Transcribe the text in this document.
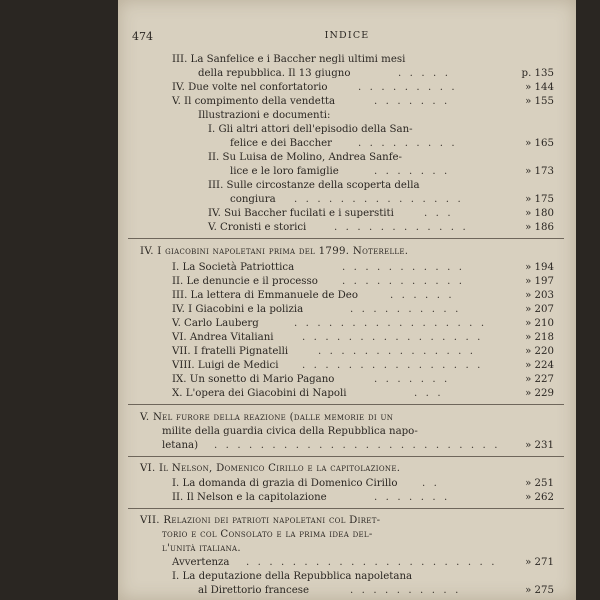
474	INDICE
III. La Sanfelice e i Baccher negli ultimi mesi
della repubblica. Il 13 giugno	. . . . .	p. 135
IV. Due volte nel confortatorio	. . . . . . . . .	» 144
V. Il compimento della vendetta	. . . . . . .	» 155
Illustrazioni e documenti:
I. Gli altri attori dell'episodio della San-
felice e dei Baccher	. . . . . . . . .	» 165
II. Su Luisa de Molino, Andrea Sanfe-
lice e le loro famiglie	. . . . . . .	» 173
III. Sulle circostanze della scoperta della
congiura . . . . . . . . . . . . . . .	» 175
IV. Sui Baccher fucilati e i superstiti	. . .	» 180
V. Cronisti e storici	. . . . . . . . . . . .	» 186
IV. I giacobini napoletani prima del 1799. Noterelle.
I. La Società Patriottica	. . . . . . . . . . .	» 194
II. Le denuncie e il processo . . . . . . . . . . .	» 197
III. La lettera di Emmanuele de Deo	. . . . . .	» 203
IV. I Giacobini e la polizia	. . . . . . . . . .	» 207
V. Carlo Lauberg	. . . . . . . . . . . . . . . . .	» 210
VI. Andrea Vitaliani	. . . . . . . . . . . . . . . .	» 218
VII. I fratelli Pignatelli	. . . . . . . . . . . . . .	» 220
VIII. Luigi de Medici . . . . . . . . . . . . . . . .	» 224
IX. Un sonetto di Mario Pagano	. . . . . . .	» 227
X. L'opera dei Giacobini di Napoli	. . .	» 229
V. Nel furore della reazione (dalle memorie di un
milite della guardia civica della Repubblica napo-
letana) . . . . . . . . . . . . . . . . . . . . . . . . . » 231
VI. Il Nelson, Domenico Cirillo e la capitolazione.
I. La domanda di grazia di Domenico Cirillo . .	» 251
II. Il Nelson e la capitolazione	. . . . . . .	» 262
VII. Relazioni dei patrioti napoletani col Diret-
torio e col Consolato e la prima idea del-
l'unità italiana.
Avvertenza . . . . . . . . . . . . . . . . . . . . . .	» 271
I. La deputazione della Repubblica napoletana
al Direttorio francese	. . . . . . . . . .	» 275
